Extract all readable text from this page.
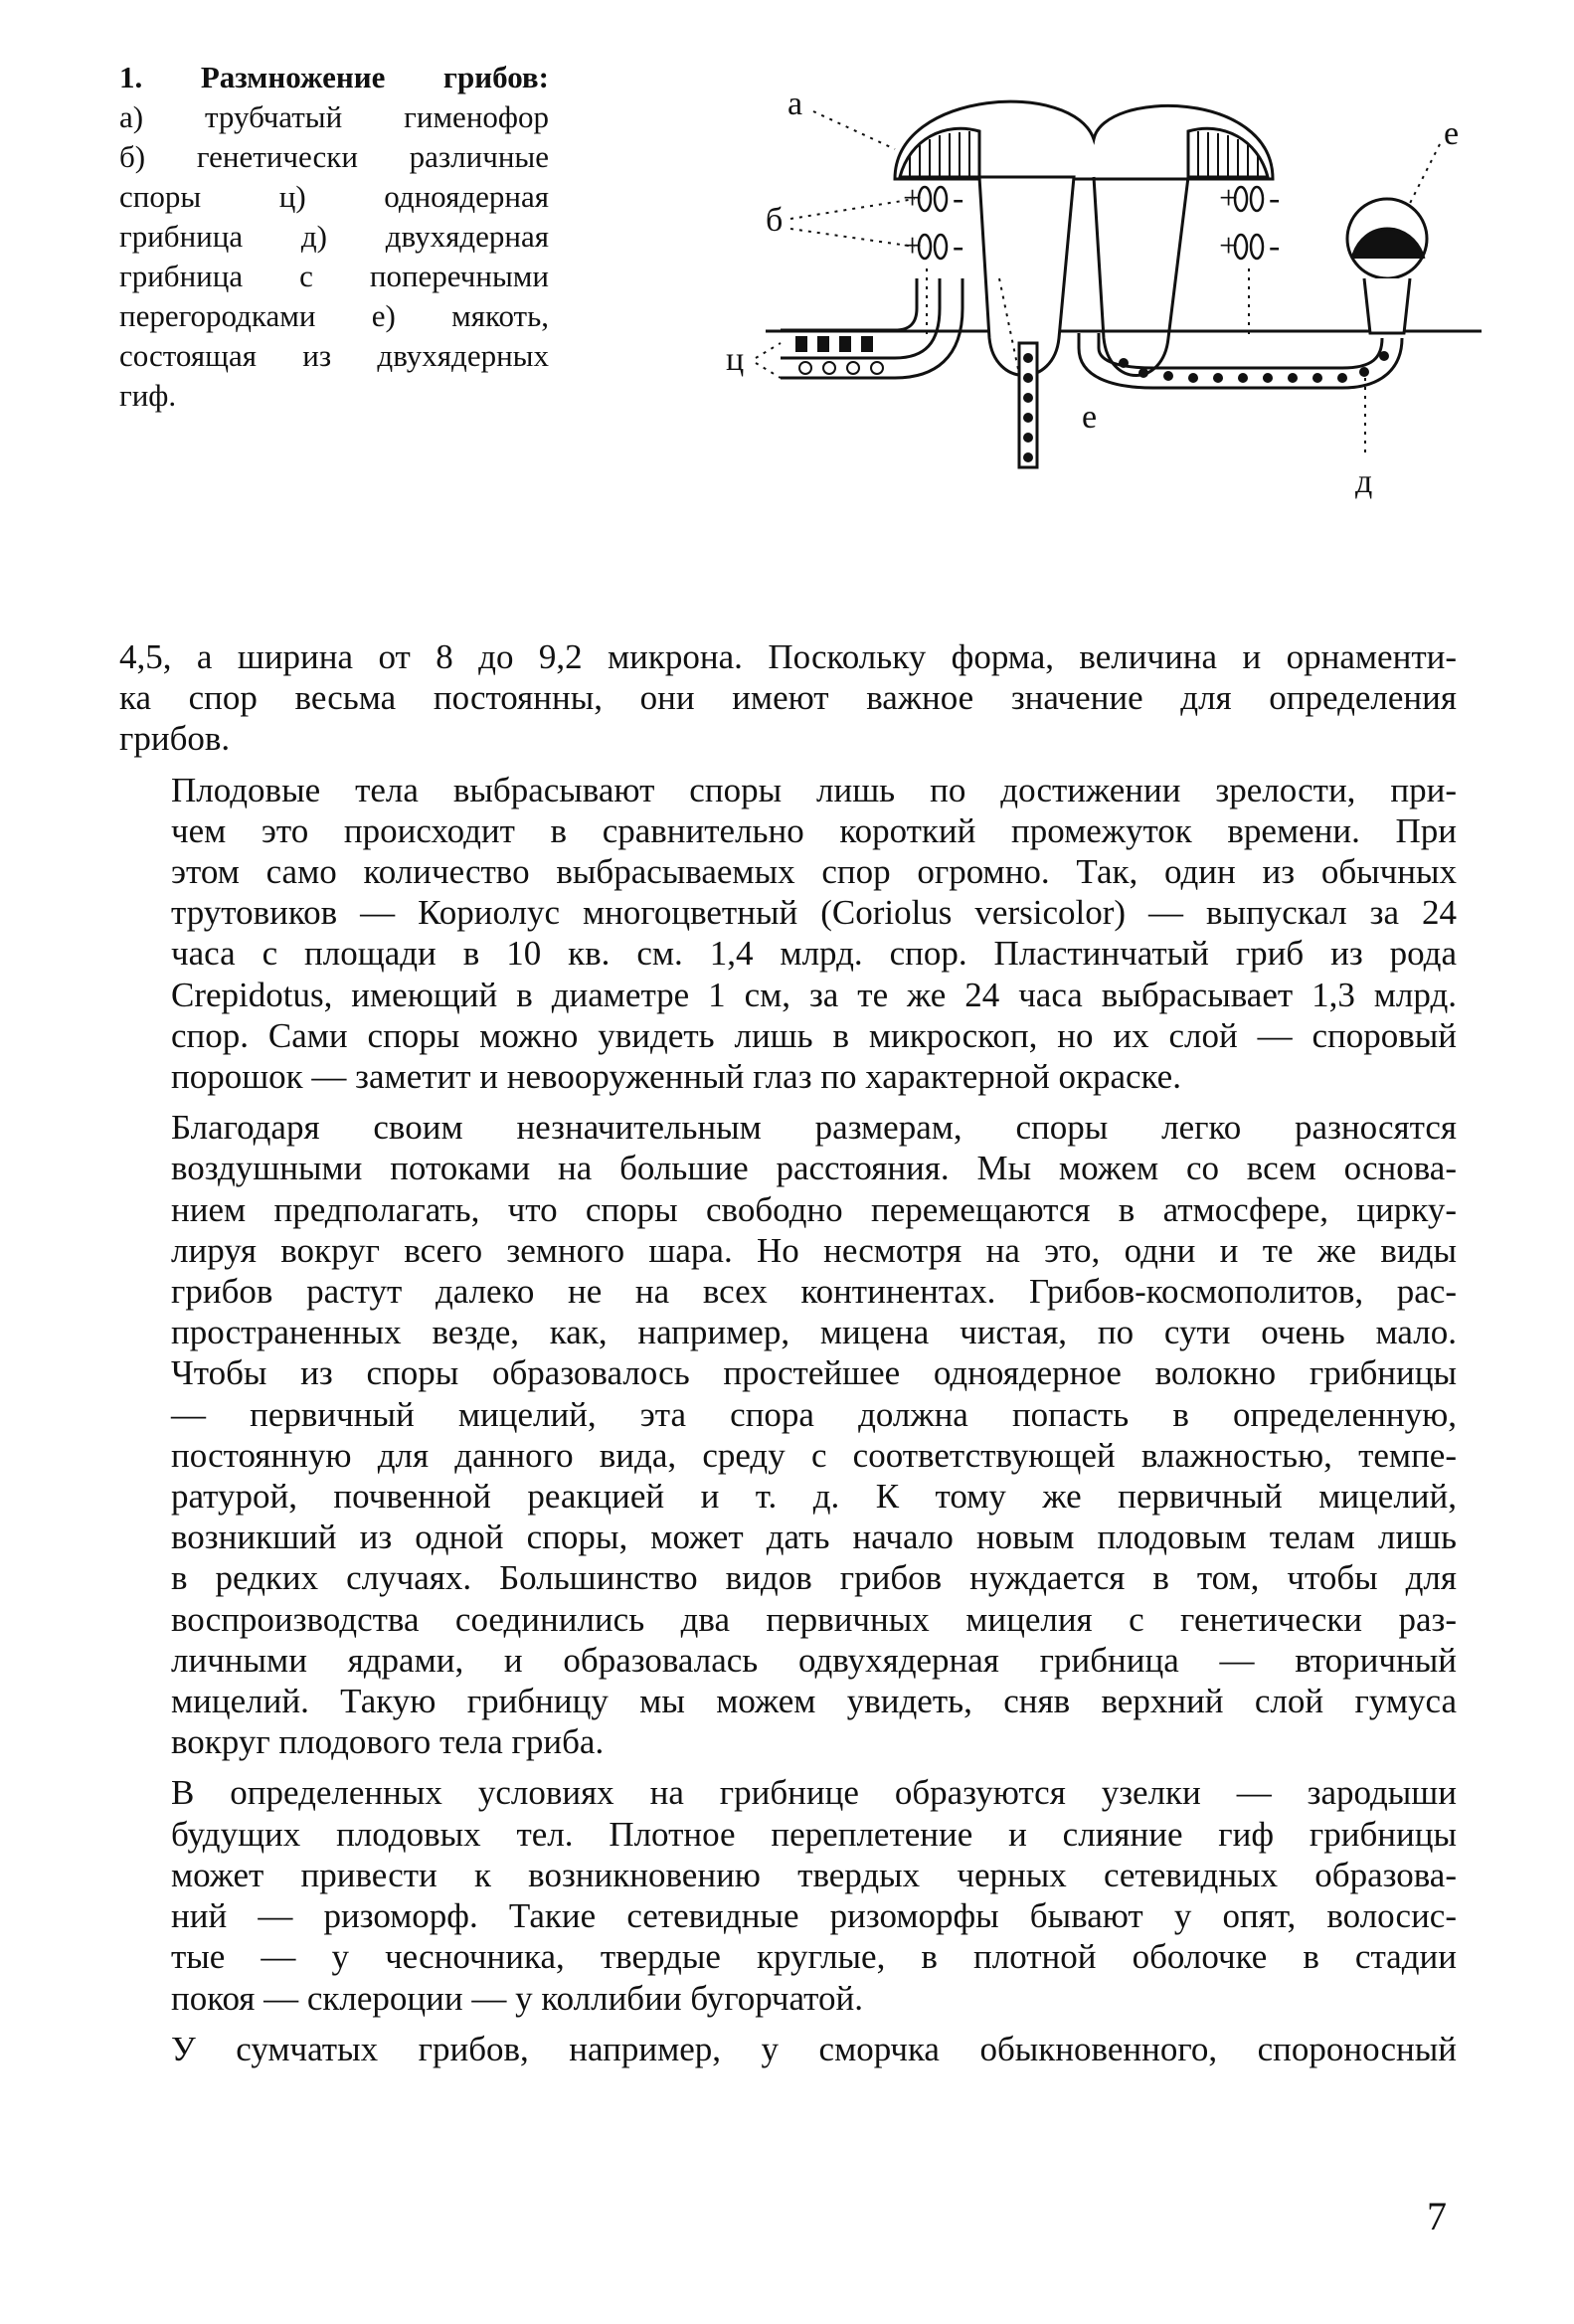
1. Размножение грибов:
а) трубчатый гименофор
б) генетически различные
споры ц) одноядерная
грибница д) двухядерная
грибница с поперечными
перегородками е) мякоть,
состоящая из двухядерных
гиф.
а
б
е
ц
е
д
+ -
+ -
+ -
+ -

4,5, а ширина от 8 до 9,2 микрона. Поскольку форма, величина и орнаменти-
ка спор весьма постоянны, они имеют важное значение для определения
грибов.

Плодовые тела выбрасывают споры лишь по достижении зрелости, при-
чем это происходит в сравнительно короткий промежуток времени. При
этом само количество выбрасываемых спор огромно. Так, один из обычных
трутовиков — Кориолус многоцветный (Coriolus versicolor) — выпускал за 24
часа с площади в 10 кв. см. 1,4 млрд. спор. Пластинчатый гриб из рода
Crepidotus, имеющий в диаметре 1 см, за те же 24 часа выбрасывает 1,3 млрд.
спор. Сами споры можно увидеть лишь в микроскоп, но их слой — споровый
порошок — заметит и невооруженный глаз по характерной окраске.

Благодаря своим незначительным размерам, споры легко разносятся
воздушными потоками на большие расстояния. Мы можем со всем основа-
нием предполагать, что споры свободно перемещаются в атмосфере, цирку-
лируя вокруг всего земного шара. Но несмотря на это, одни и те же виды
грибов растут далеко не на всех континентах. Грибов-космополитов, рас-
пространенных везде, как, например, мицена чистая, по сути очень мало.
Чтобы из споры образовалось простейшее одноядерное волокно грибницы
— первичный мицелий, эта спора должна попасть в определенную,
постоянную для данного вида, среду с соответствующей влажностью, темпе-
ратурой, почвенной реакцией и т. д. К тому же первичный мицелий,
возникший из одной споры, может дать начало новым плодовым телам лишь
в редких случаях. Большинство видов грибов нуждается в том, чтобы для
воспроизводства соединились два первичных мицелия с генетически раз-
личными ядрами, и образовалась одвухядерная грибница — вторичный
мицелий. Такую грибницу мы можем увидеть, сняв верхний слой гумуса
вокруг плодового тела гриба.

В определенных условиях на грибнице образуются узелки — зародыши
будущих плодовых тел. Плотное переплетение и слияние гиф грибницы
может привести к возникновению твердых черных сетевидных образова-
ний — ризоморф. Такие сетевидные ризоморфы бывают у опят, волосис-
тые — у чесночника, твердые круглые, в плотной оболочке в стадии
покоя — склероции — у коллибии бугорчатой.

У сумчатых грибов, например, у сморчка обыкновенного, спороносный

7
